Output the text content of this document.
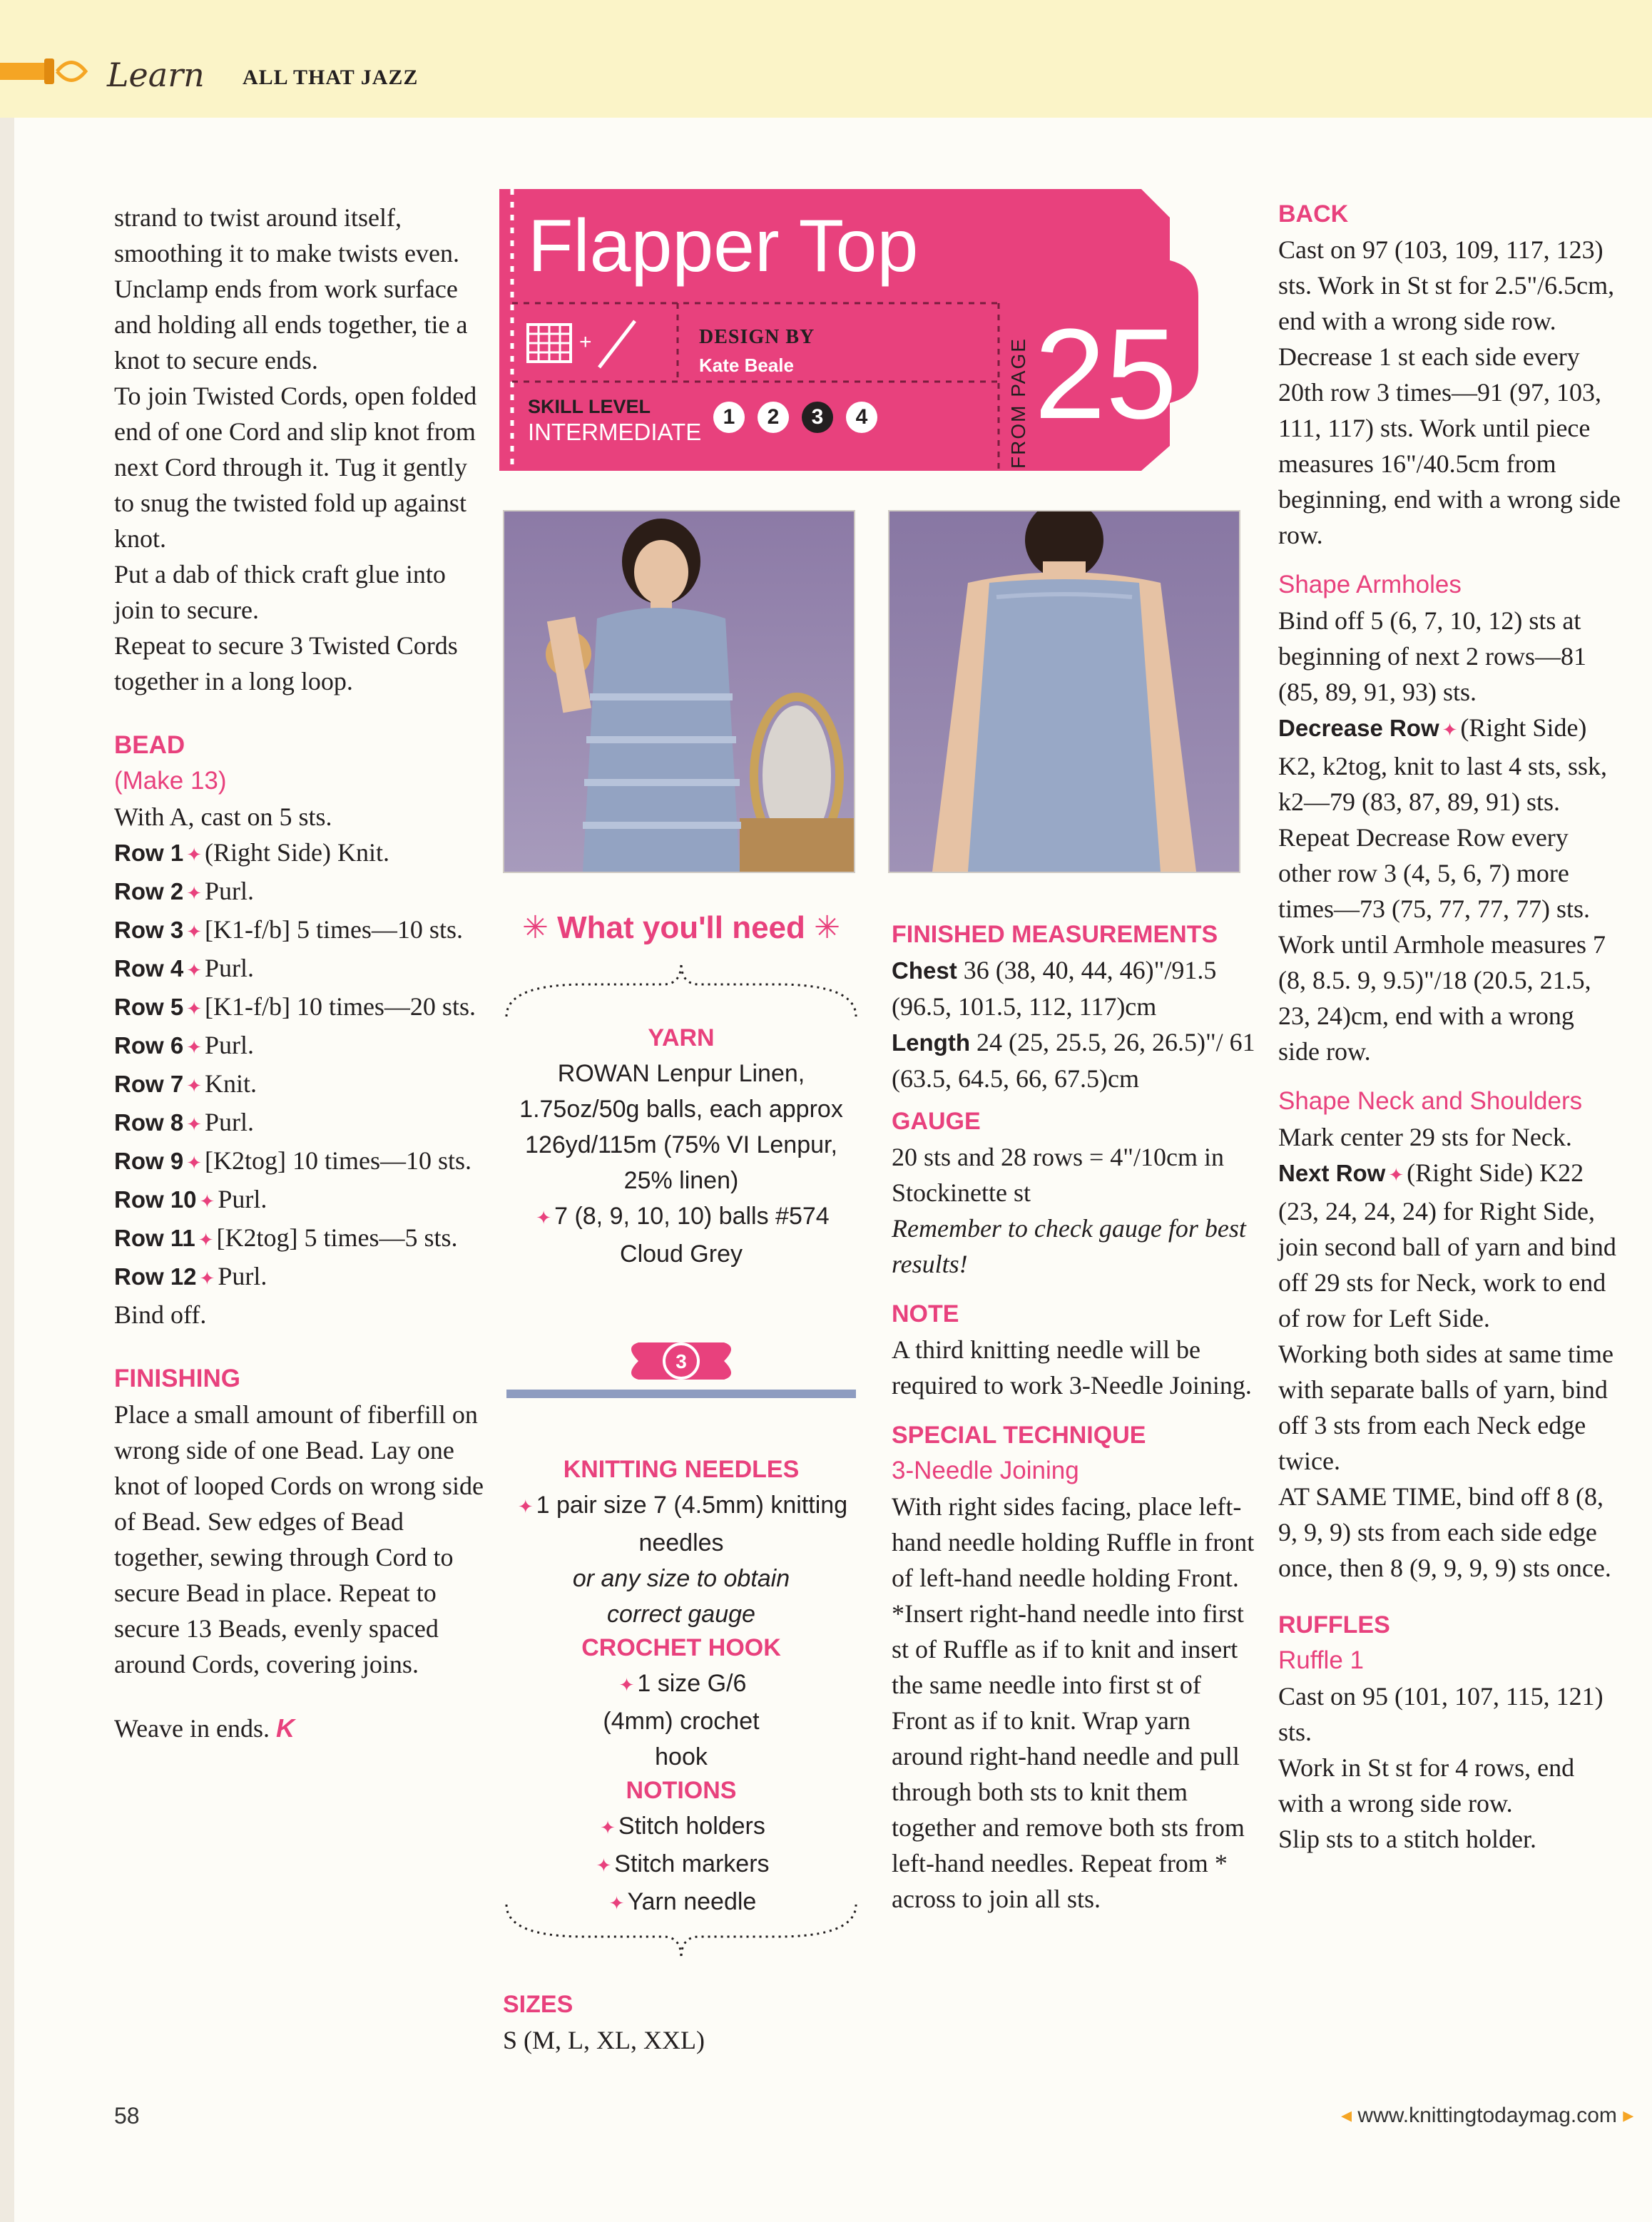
Learn ALL THAT JAZZ

strand to twist around itself, smoothing it to make twists even.

Unclamp ends from work surface and holding all ends together, tie a knot to secure ends.

To join Twisted Cords, open folded end of one Cord and slip knot from next Cord through it. Tug it gently to snug the twisted fold up against knot.

Put a dab of thick craft glue into join to secure.

Repeat to secure 3 Twisted Cords together in a long loop.

BEAD
(Make 13)

With A, cast on 5 sts.

Row 1 ✦ (Right Side) Knit.

Row 2 ✦ Purl.

Row 3 ✦ [K1-f/b] 5 times—10 sts.

Row 4 ✦ Purl.

Row 5 ✦ [K1-f/b] 10 times—20 sts.

Row 6 ✦ Purl.

Row 7 ✦ Knit.

Row 8 ✦ Purl.

Row 9 ✦ [K2tog] 10 times—10 sts.

Row 10 ✦ Purl.

Row 11 ✦ [K2tog] 5 times—5 sts.

Row 12 ✦ Purl.

Bind off.

FINISHING

Place a small amount of fiberfill on wrong side of one Bead. Lay one knot of looped Cords on wrong side of Bead. Sew edges of Bead together, sewing through Cord to secure Bead in place. Repeat to secure 13 Beads, evenly spaced around Cords, covering joins.

Weave in ends. K

+
Flapper Top
DESIGN BY
Kate Beale
SKILL LEVEL
INTERMEDIATE
1	2	3	4	FROM PAGE 25
✳ What you'll need ✳
YARN
ROWAN Lenpur Linen, 1.75oz/50g balls, each approx 126yd/115m (75% VI Lenpur, 25% linen)
✦ 7 (8, 9, 10, 10) balls #574 Cloud Grey
3
KNITTING NEEDLES
✦ 1 pair size 7 (4.5mm) knitting needles
or any size to obtain correct gauge
CROCHET HOOK
✦ 1 size G/6 (4mm) crochet hook
NOTIONS
✦ Stitch holders
✦ Stitch markers
✦ Yarn needle
SIZES
S (M, L, XL, XXL)
FINISHED MEASUREMENTS

Chest 36 (38, 40, 44, 46)"/91.5 (96.5, 101.5, 112, 117)cm

Length 24 (25, 25.5, 26, 26.5)"/ 61 (63.5, 64.5, 66, 67.5)cm

GAUGE

20 sts and 28 rows = 4"/10cm in Stockinette st

Remember to check gauge for best results!

NOTE

A third knitting needle will be required to work 3-Needle Joining.

SPECIAL TECHNIQUE
3-Needle Joining

With right sides facing, place left-hand needle holding Ruffle in front of left-hand needle holding Front. *Insert right-hand needle into first st of Ruffle as if to knit and insert the same needle into first st of Front as if to knit. Wrap yarn around right-hand needle and pull through both sts to knit them together and remove both sts from left-hand needles. Repeat from * across to join all sts.

BACK

Cast on 97 (103, 109, 117, 123) sts. Work in St st for 2.5"/6.5cm, end with a wrong side row. Decrease 1 st each side every 20th row 3 times—91 (97, 103, 111, 117) sts. Work until piece measures 16"/40.5cm from beginning, end with a wrong side row.

Shape Armholes

Bind off 5 (6, 7, 10, 12) sts at beginning of next 2 rows—81 (85, 89, 91, 93) sts.

Decrease Row ✦ (Right Side) K2, k2tog, knit to last 4 sts, ssk, k2—79 (83, 87, 89, 91) sts.

Repeat Decrease Row every other row 3 (4, 5, 6, 7) more times—73 (75, 77, 77, 77) sts.

Work until Armhole measures 7 (8, 8.5. 9, 9.5)"/18 (20.5, 21.5, 23, 24)cm, end with a wrong side row.

Shape Neck and Shoulders

Mark center 29 sts for Neck.

Next Row ✦ (Right Side) K22 (23, 24, 24, 24) for Right Side, join second ball of yarn and bind off 29 sts for Neck, work to end of row for Left Side.

Working both sides at same time with separate balls of yarn, bind off 3 sts from each Neck edge twice.

AT SAME TIME, bind off 8 (8, 9, 9, 9) sts from each side edge once, then 8 (9, 9, 9, 9) sts once.

RUFFLES
Ruffle 1

Cast on 95 (101, 107, 115, 121) sts.

Work in St st for 4 rows, end with a wrong side row.

Slip sts to a stitch holder.

58	◂ www.knittingtodaymag.com ▸
